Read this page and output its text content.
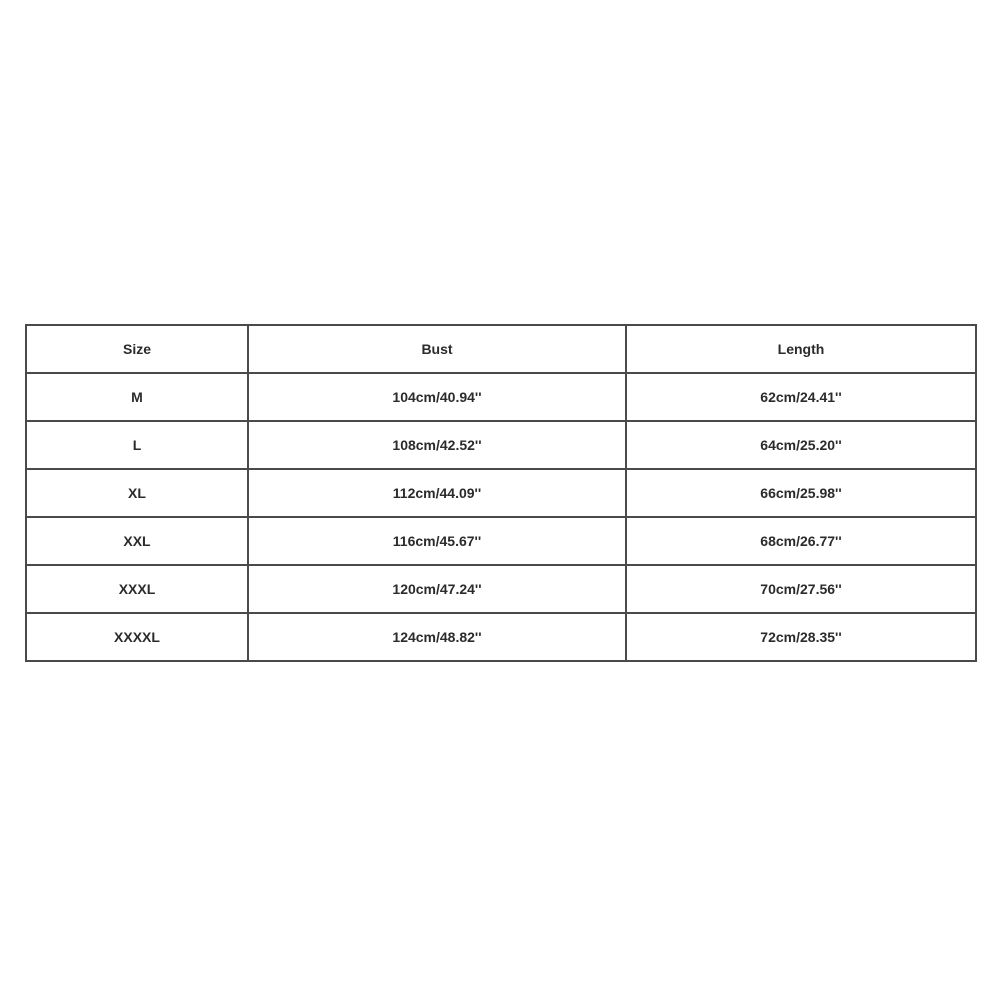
Size	Bust	Length
M	104cm/40.94''	62cm/24.41''
L	108cm/42.52''	64cm/25.20''
XL	112cm/44.09''	66cm/25.98''
XXL	116cm/45.67''	68cm/26.77''
XXXL	120cm/47.24''	70cm/27.56''
XXXXL	124cm/48.82''	72cm/28.35''
